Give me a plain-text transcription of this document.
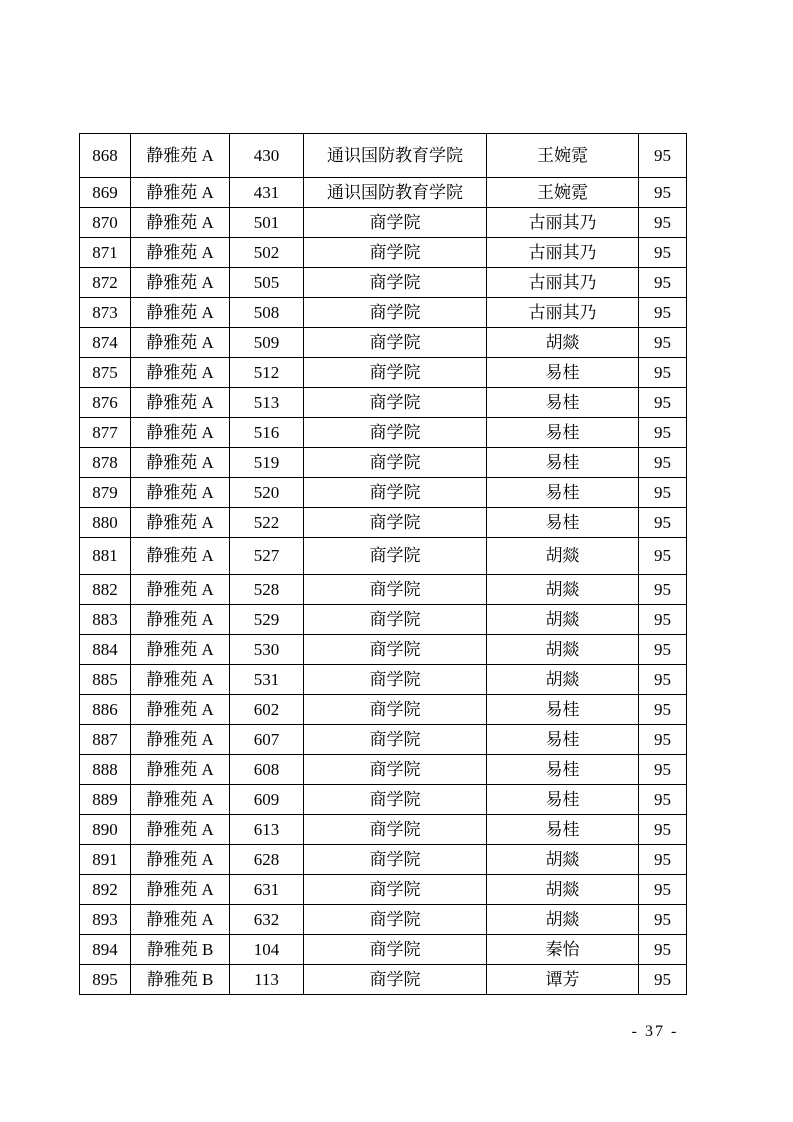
868	静雅苑 A	430	通识国防教育学院	王婉霓	95
869	静雅苑 A	431	通识国防教育学院	王婉霓	95
870	静雅苑 A	501	商学院	古丽其乃	95
871	静雅苑 A	502	商学院	古丽其乃	95
872	静雅苑 A	505	商学院	古丽其乃	95
873	静雅苑 A	508	商学院	古丽其乃	95
874	静雅苑 A	509	商学院	胡燚	95
875	静雅苑 A	512	商学院	易桂	95
876	静雅苑 A	513	商学院	易桂	95
877	静雅苑 A	516	商学院	易桂	95
878	静雅苑 A	519	商学院	易桂	95
879	静雅苑 A	520	商学院	易桂	95
880	静雅苑 A	522	商学院	易桂	95
881	静雅苑 A	527	商学院	胡燚	95
882	静雅苑 A	528	商学院	胡燚	95
883	静雅苑 A	529	商学院	胡燚	95
884	静雅苑 A	530	商学院	胡燚	95
885	静雅苑 A	531	商学院	胡燚	95
886	静雅苑 A	602	商学院	易桂	95
887	静雅苑 A	607	商学院	易桂	95
888	静雅苑 A	608	商学院	易桂	95
889	静雅苑 A	609	商学院	易桂	95
890	静雅苑 A	613	商学院	易桂	95
891	静雅苑 A	628	商学院	胡燚	95
892	静雅苑 A	631	商学院	胡燚	95
893	静雅苑 A	632	商学院	胡燚	95
894	静雅苑 B	104	商学院	秦怡	95
895	静雅苑 B	113	商学院	谭芳	95
- 37 -
